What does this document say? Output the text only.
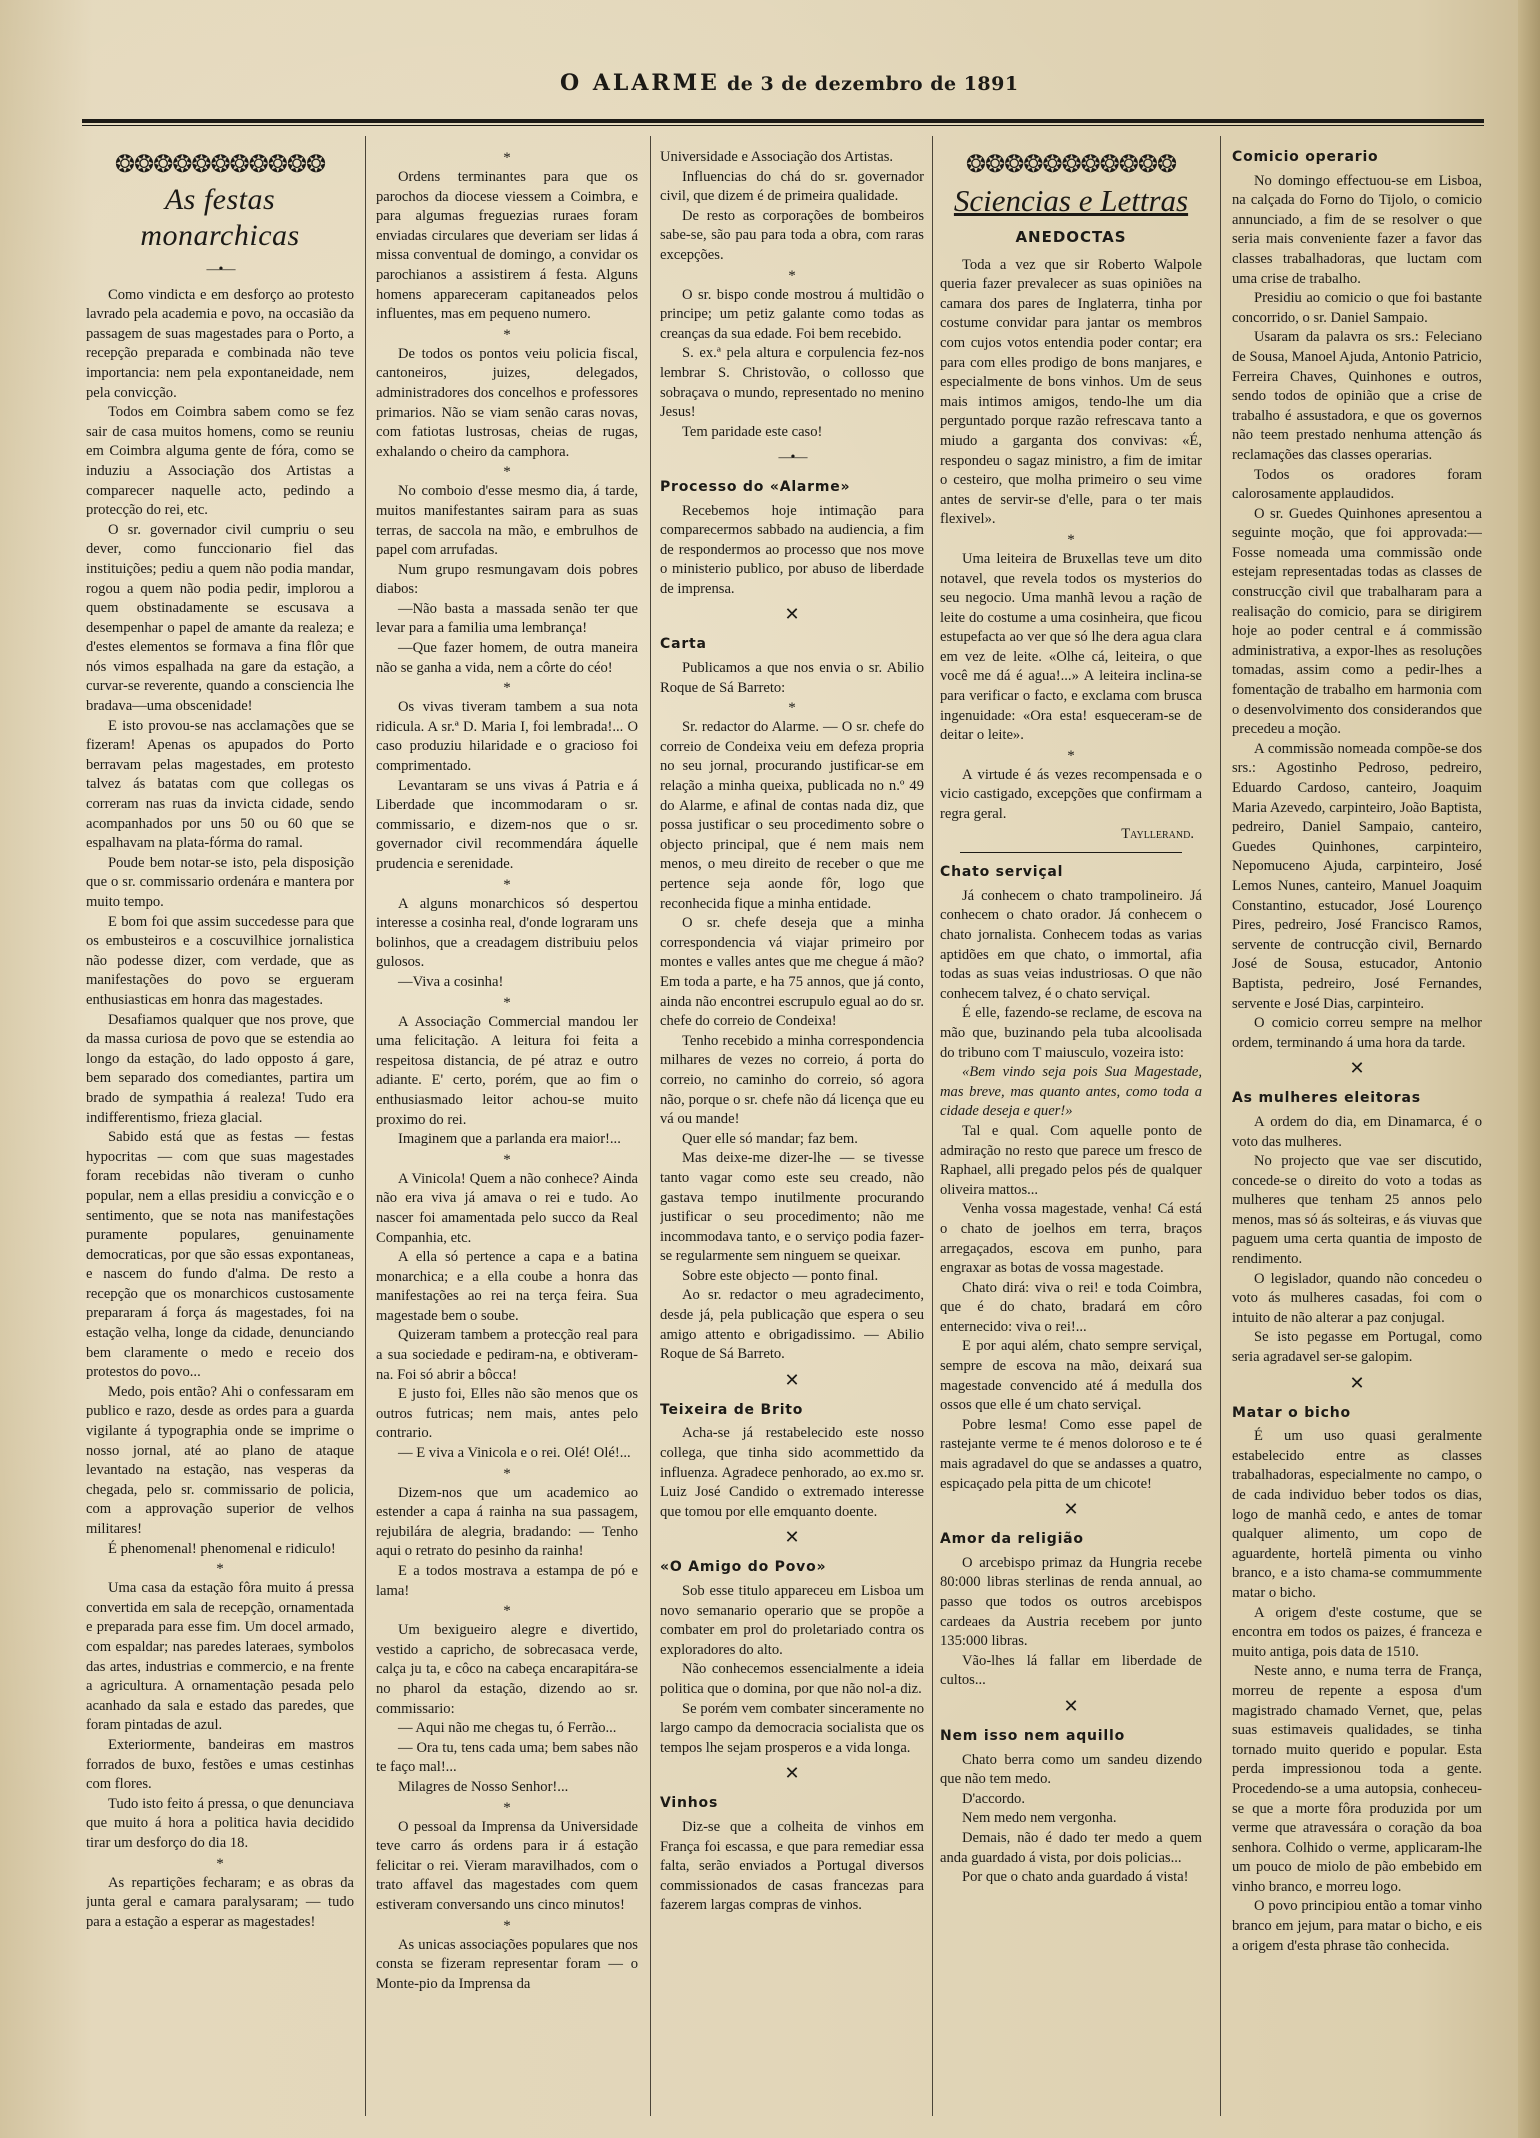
O ALARME de 3 de dezembro de 1891
❂❂❂❂❂❂❂❂❂❂❂
As festas monarchicas
—•—

Como vindicta e em desforço ao protesto lavrado pela academia e povo, na occasião da passagem de suas magestades para o Porto, a recepção preparada e combinada não teve importancia: nem pela expontaneidade, nem pela convicção.

Todos em Coimbra sabem como se fez sair de casa muitos homens, como se reuniu em Coimbra alguma gente de fóra, como se induziu a Associação dos Artistas a comparecer naquelle acto, pedindo a protecção do rei, etc.

O sr. governador civil cumpriu o seu dever, como funccionario fiel das instituições; pediu a quem não podia mandar, rogou a quem não podia pedir, implorou a quem obstinadamente se escusava a desempenhar o papel de amante da realeza; e d'estes elementos se formava a fina flôr que nós vimos espalhada na gare da estação, a curvar-se reverente, quando a consciencia lhe bradava—uma obscenidade!

E isto provou-se nas acclamações que se fizeram! Apenas os apupados do Porto berravam pelas magestades, em protesto talvez ás batatas com que collegas os correram nas ruas da invicta cidade, sendo acompanhados por uns 50 ou 60 que se espalhavam na plata-fórma do ramal.

Poude bem notar-se isto, pela disposição que o sr. commissario ordenára e mantera por muito tempo.

E bom foi que assim succedesse para que os embusteiros e a coscuvilhice jornalistica não podesse dizer, com verdade, que as manifestações do povo se ergueram enthusiasticas em honra das magestades.

Desafiamos qualquer que nos prove, que da massa curiosa de povo que se estendia ao longo da estação, do lado opposto á gare, bem separado dos comediantes, partira um brado de sympathia á realeza! Tudo era indifferentismo, frieza glacial.

Sabido está que as festas — festas hypocritas — com que suas magestades foram recebidas não tiveram o cunho popular, nem a ellas presidiu a convicção e o sentimento, que se nota nas manifestações puramente populares, genuinamente democraticas, por que são essas expontaneas, e nascem do fundo d'alma. De resto a recepção que os monarchicos custosamente prepararam á força ás magestades, foi na estação velha, longe da cidade, denunciando bem claramente o medo e receio dos protestos do povo...

Medo, pois então? Ahi o confessaram em publico e razo, desde as ordes para a guarda vigilante á typographia onde se imprime o nosso jornal, até ao plano de ataque levantado na estação, nas vesperas da chegada, pelo sr. commissario de policia, com a approvação superior de velhos militares!

É phenomenal! phenomenal e ridiculo!

*

Uma casa da estação fôra muito á pressa convertida em sala de recepção, ornamentada e preparada para esse fim. Um docel armado, com espaldar; nas paredes lateraes, symbolos das artes, industrias e commercio, e na frente a agricultura. A ornamentação pesada pelo acanhado da sala e estado das paredes, que foram pintadas de azul.

Exteriormente, bandeiras em mastros forrados de buxo, festões e umas cestinhas com flores.

Tudo isto feito á pressa, o que denunciava que muito á hora a politica havia decidido tirar um desforço do dia 18.

*

As repartições fecharam; e as obras da junta geral e camara paralysaram; — tudo para a estação a esperar as magestades!

*

Ordens terminantes para que os parochos da diocese viessem a Coimbra, e para algumas freguezias ruraes foram enviadas circulares que deveriam ser lidas á missa conventual de domingo, a convidar os parochianos a assistirem á festa. Alguns homens appareceram capitaneados pelos influentes, mas em pequeno numero.

*

De todos os pontos veiu policia fiscal, cantoneiros, juizes, delegados, administradores dos concelhos e professores primarios. Não se viam senão caras novas, com fatiotas lustrosas, cheias de rugas, exhalando o cheiro da camphora.

*

No comboio d'esse mesmo dia, á tarde, muitos manifestantes sairam para as suas terras, de saccola na mão, e embrulhos de papel com arrufadas.

Num grupo resmungavam dois pobres diabos:

—Não basta a massada senão ter que levar para a familia uma lembrança!

—Que fazer homem, de outra maneira não se ganha a vida, nem a côrte do céo!

*

Os vivas tiveram tambem a sua nota ridicula. A sr.ª D. Maria I, foi lembrada!... O caso produziu hilaridade e o gracioso foi comprimentado.

Levantaram se uns vivas á Patria e á Liberdade que incommodaram o sr. commissario, e dizem-nos que o sr. governador civil recommendára áquelle prudencia e serenidade.

*

A alguns monarchicos só despertou interesse a cosinha real, d'onde lograram uns bolinhos, que a creadagem distribuiu pelos gulosos.

—Viva a cosinha!

*

A Associação Commercial mandou ler uma felicitação. A leitura foi feita a respeitosa distancia, de pé atraz e outro adiante. E' certo, porém, que ao fim o enthusiasmado leitor achou-se muito proximo do rei.

Imaginem que a parlanda era maior!...

*

A Vinicola! Quem a não conhece? Ainda não era viva já amava o rei e tudo. Ao nascer foi amamentada pelo succo da Real Companhia, etc.

A ella só pertence a capa e a batina monarchica; e a ella coube a honra das manifestações ao rei na terça feira. Sua magestade bem o soube.

Quizeram tambem a protecção real para a sua sociedade e pediram-na, e obtiveram-na. Foi só abrir a bôcca!

E justo foi, Elles não são menos que os outros futricas; nem mais, antes pelo contrario.

— E viva a Vinicola e o rei. Olé! Olé!...

*

Dizem-nos que um academico ao estender a capa á rainha na sua passagem, rejubilára de alegria, bradando: — Tenho aqui o retrato do pesinho da rainha!

E a todos mostrava a estampa de pó e lama!

*

Um bexigueiro alegre e divertido, vestido a capricho, de sobrecasaca verde, calça ju ta, e côco na cabeça encarapitára-se no pharol da estação, dizendo ao sr. commissario:

— Aqui não me chegas tu, ó Ferrão...

— Ora tu, tens cada uma; bem sabes não te faço mal!...

Milagres de Nosso Senhor!...

*

O pessoal da Imprensa da Universidade teve carro ás ordens para ir á estação felicitar o rei. Vieram maravilhados, com o trato affavel das magestades com quem estiveram conversando uns cinco minutos!

*

As unicas associações populares que nos consta se fizeram representar foram — o Monte-pio da Imprensa da

Universidade e Associação dos Artistas.

Influencias do chá do sr. governador civil, que dizem é de primeira qualidade.

De resto as corporações de bombeiros sabe-se, são pau para toda a obra, com raras excepções.

*

O sr. bispo conde mostrou á multidão o principe; um petiz galante como todas as creanças da sua edade. Foi bem recebido.

S. ex.ª pela altura e corpulencia fez-nos lembrar S. Christovão, o collosso que sobraçava o mundo, representado no menino Jesus!

Tem paridade este caso!

—•—
Processo do «Alarme»

Recebemos hoje intimação para comparecermos sabbado na audiencia, a fim de respondermos ao processo que nos move o ministerio publico, por abuso de liberdade de imprensa.

✕
Carta

Publicamos a que nos envia o sr. Abilio Roque de Sá Barreto:

*

Sr. redactor do Alarme. — O sr. chefe do correio de Condeixa veiu em defeza propria no seu jornal, procurando justificar-se em relação a minha queixa, publicada no n.º 49 do Alarme, e afinal de contas nada diz, que possa justificar o seu procedimento sobre o objecto principal, que é nem mais nem menos, o meu direito de receber o que me pertence seja aonde fôr, logo que reconhecida fique a minha entidade.

O sr. chefe deseja que a minha correspondencia vá viajar primeiro por montes e valles antes que me chegue á mão? Em toda a parte, e ha 75 annos, que já conto, ainda não encontrei escrupulo egual ao do sr. chefe do correio de Condeixa!

Tenho recebido a minha correspondencia milhares de vezes no correio, á porta do correio, no caminho do correio, só agora não, porque o sr. chefe não dá licença que eu vá ou mande!

Quer elle só mandar; faz bem.

Mas deixe-me dizer-lhe — se tivesse tanto vagar como este seu creado, não gastava tempo inutilmente procurando justificar o seu procedimento; não me incommodava tanto, e o serviço podia fazer-se regularmente sem ninguem se queixar.

Sobre este objecto — ponto final.

Ao sr. redactor o meu agradecimento, desde já, pela publicação que espera o seu amigo attento e obrigadissimo. — Abilio Roque de Sá Barreto.

✕
Teixeira de Brito

Acha-se já restabelecido este nosso collega, que tinha sido acommettido da influenza. Agradece penhorado, ao ex.mo sr. Luiz José Candido o extremado interesse que tomou por elle emquanto doente.

✕
«O Amigo do Povo»

Sob esse titulo appareceu em Lisboa um novo semanario operario que se propõe a combater em prol do proletariado contra os exploradores do alto.

Não conhecemos essencialmente a ideia politica que o domina, por que não nol-a diz.

Se porém vem combater sinceramente no largo campo da democracia socialista que os tempos lhe sejam prosperos e a vida longa.

✕
Vinhos

Diz-se que a colheita de vinhos em França foi escassa, e que para remediar essa falta, serão enviados a Portugal diversos commissionados de casas francezas para fazerem largas compras de vinhos.

❂❂❂❂❂❂❂❂❂❂❂
Sciencias e Lettras
ANEDOCTAS

Toda a vez que sir Roberto Walpole queria fazer prevalecer as suas opiniões na camara dos pares de Inglaterra, tinha por costume convidar para jantar os membros com cujos votos entendia poder contar; era para com elles prodigo de bons manjares, e especialmente de bons vinhos. Um de seus mais intimos amigos, tendo-lhe um dia perguntado porque razão refrescava tanto a miudo a garganta dos convivas: «É, respondeu o sagaz ministro, a fim de imitar o cesteiro, que molha primeiro o seu vime antes de servir-se d'elle, para o ter mais flexivel».

*

Uma leiteira de Bruxellas teve um dito notavel, que revela todos os mysterios do seu negocio. Uma manhã levou a ração de leite do costume a uma cosinheira, que ficou estupefacta ao ver que só lhe dera agua clara em vez de leite. «Olhe cá, leiteira, o que você me dá é agua!...» A leiteira inclina-se para verificar o facto, e exclama com brusca ingenuidade: «Ora esta! esqueceram-se de deitar o leite».

*

A virtude é ás vezes recompensada e o vicio castigado, excepções que confirmam a regra geral.

Tayllerand.
Chato serviçal

Já conhecem o chato trampolineiro. Já conhecem o chato orador. Já conhecem o chato jornalista. Conhecem todas as varias aptidões em que chato, o immortal, afia todas as suas veias industriosas. O que não conhecem talvez, é o chato serviçal.

É elle, fazendo-se reclame, de escova na mão que, buzinando pela tuba alcoolisada do tribuno com T maiusculo, vozeira isto:

«Bem vindo seja pois Sua Magestade, mas breve, mas quanto antes, como toda a cidade deseja e quer!»

Tal e qual. Com aquelle ponto de admiração no resto que parece um fresco de Raphael, alli pregado pelos pés de qualquer oliveira mattos...

Venha vossa magestade, venha! Cá está o chato de joelhos em terra, braços arregaçados, escova em punho, para engraxar as botas de vossa magestade.

Chato dirá: viva o rei! e toda Coimbra, que é do chato, bradará em côro enternecido: viva o rei!...

E por aqui além, chato sempre serviçal, sempre de escova na mão, deixará sua magestade convencido até á medulla dos ossos que elle é um chato serviçal.

Pobre lesma! Como esse papel de rastejante verme te é menos doloroso e te é mais agradavel do que se andasses a quatro, espicaçado pela pitta de um chicote!

✕
Amor da religião

O arcebispo primaz da Hungria recebe 80:000 libras sterlinas de renda annual, ao passo que todos os outros arcebispos cardeaes da Austria recebem por junto 135:000 libras.

Vão-lhes lá fallar em liberdade de cultos...

✕
Nem isso nem aquillo

Chato berra como um sandeu dizendo que não tem medo.

D'accordo.

Nem medo nem vergonha.

Demais, não é dado ter medo a quem anda guardado á vista, por dois policias...

Por que o chato anda guardado á vista!

Comicio operario

No domingo effectuou-se em Lisboa, na calçada do Forno do Tijolo, o comicio annunciado, a fim de se resolver o que seria mais conveniente fazer a favor das classes trabalhadoras, que luctam com uma crise de trabalho.

Presidiu ao comicio o que foi bastante concorrido, o sr. Daniel Sampaio.

Usaram da palavra os srs.: Feleciano de Sousa, Manoel Ajuda, Antonio Patricio, Ferreira Chaves, Quinhones e outros, sendo todos de opinião que a crise de trabalho é assustadora, e que os governos não teem prestado nenhuma attenção ás reclamações das classes operarias.

Todos os oradores foram calorosamente applaudidos.

O sr. Guedes Quinhones apresentou a seguinte moção, que foi approvada:—Fosse nomeada uma commissão onde estejam representadas todas as classes de construcção civil que trabalharam para a realisação do comicio, para se dirigirem hoje ao poder central e á commissão administrativa, a expor-lhes as resoluções tomadas, assim como a pedir-lhes a fomentação de trabalho em harmonia com o desenvolvimento dos considerandos que precedeu a moção.

A commissão nomeada compõe-se dos srs.: Agostinho Pedroso, pedreiro, Eduardo Cardoso, canteiro, Joaquim Maria Azevedo, carpinteiro, João Baptista, pedreiro, Daniel Sampaio, canteiro, Guedes Quinhones, carpinteiro, Nepomuceno Ajuda, carpinteiro, José Lemos Nunes, canteiro, Manuel Joaquim Constantino, estucador, José Lourenço Pires, pedreiro, José Francisco Ramos, servente de contrucção civil, Bernardo José de Sousa, estucador, Antonio Baptista, pedreiro, José Fernandes, servente e José Dias, carpinteiro.

O comicio correu sempre na melhor ordem, terminando á uma hora da tarde.

✕
As mulheres eleitoras

A ordem do dia, em Dinamarca, é o voto das mulheres.

No projecto que vae ser discutido, concede-se o direito do voto a todas as mulheres que tenham 25 annos pelo menos, mas só ás solteiras, e ás viuvas que paguem uma certa quantia de imposto de rendimento.

O legislador, quando não concedeu o voto ás mulheres casadas, foi com o intuito de não alterar a paz conjugal.

Se isto pegasse em Portugal, como seria agradavel ser-se galopim.

✕
Matar o bicho

É um uso quasi geralmente estabelecido entre as classes trabalhadoras, especialmente no campo, o de cada individuo beber todos os dias, logo de manhã cedo, e antes de tomar qualquer alimento, um copo de aguardente, hortelã pimenta ou vinho branco, e a isto chama-se commummente matar o bicho.

A origem d'este costume, que se encontra em todos os paizes, é franceza e muito antiga, pois data de 1510.

Neste anno, e numa terra de França, morreu de repente a esposa d'um magistrado chamado Vernet, que, pelas suas estimaveis qualidades, se tinha tornado muito querido e popular. Esta perda impressionou toda a gente. Procedendo-se a uma autopsia, conheceu-se que a morte fôra produzida por um verme que atravessára o coração da boa senhora. Colhido o verme, applicaram-lhe um pouco de miolo de pão embebido em vinho branco, e morreu logo.

O povo principiou então a tomar vinho branco em jejum, para matar o bicho, e eis a origem d'esta phrase tão conhecida.
